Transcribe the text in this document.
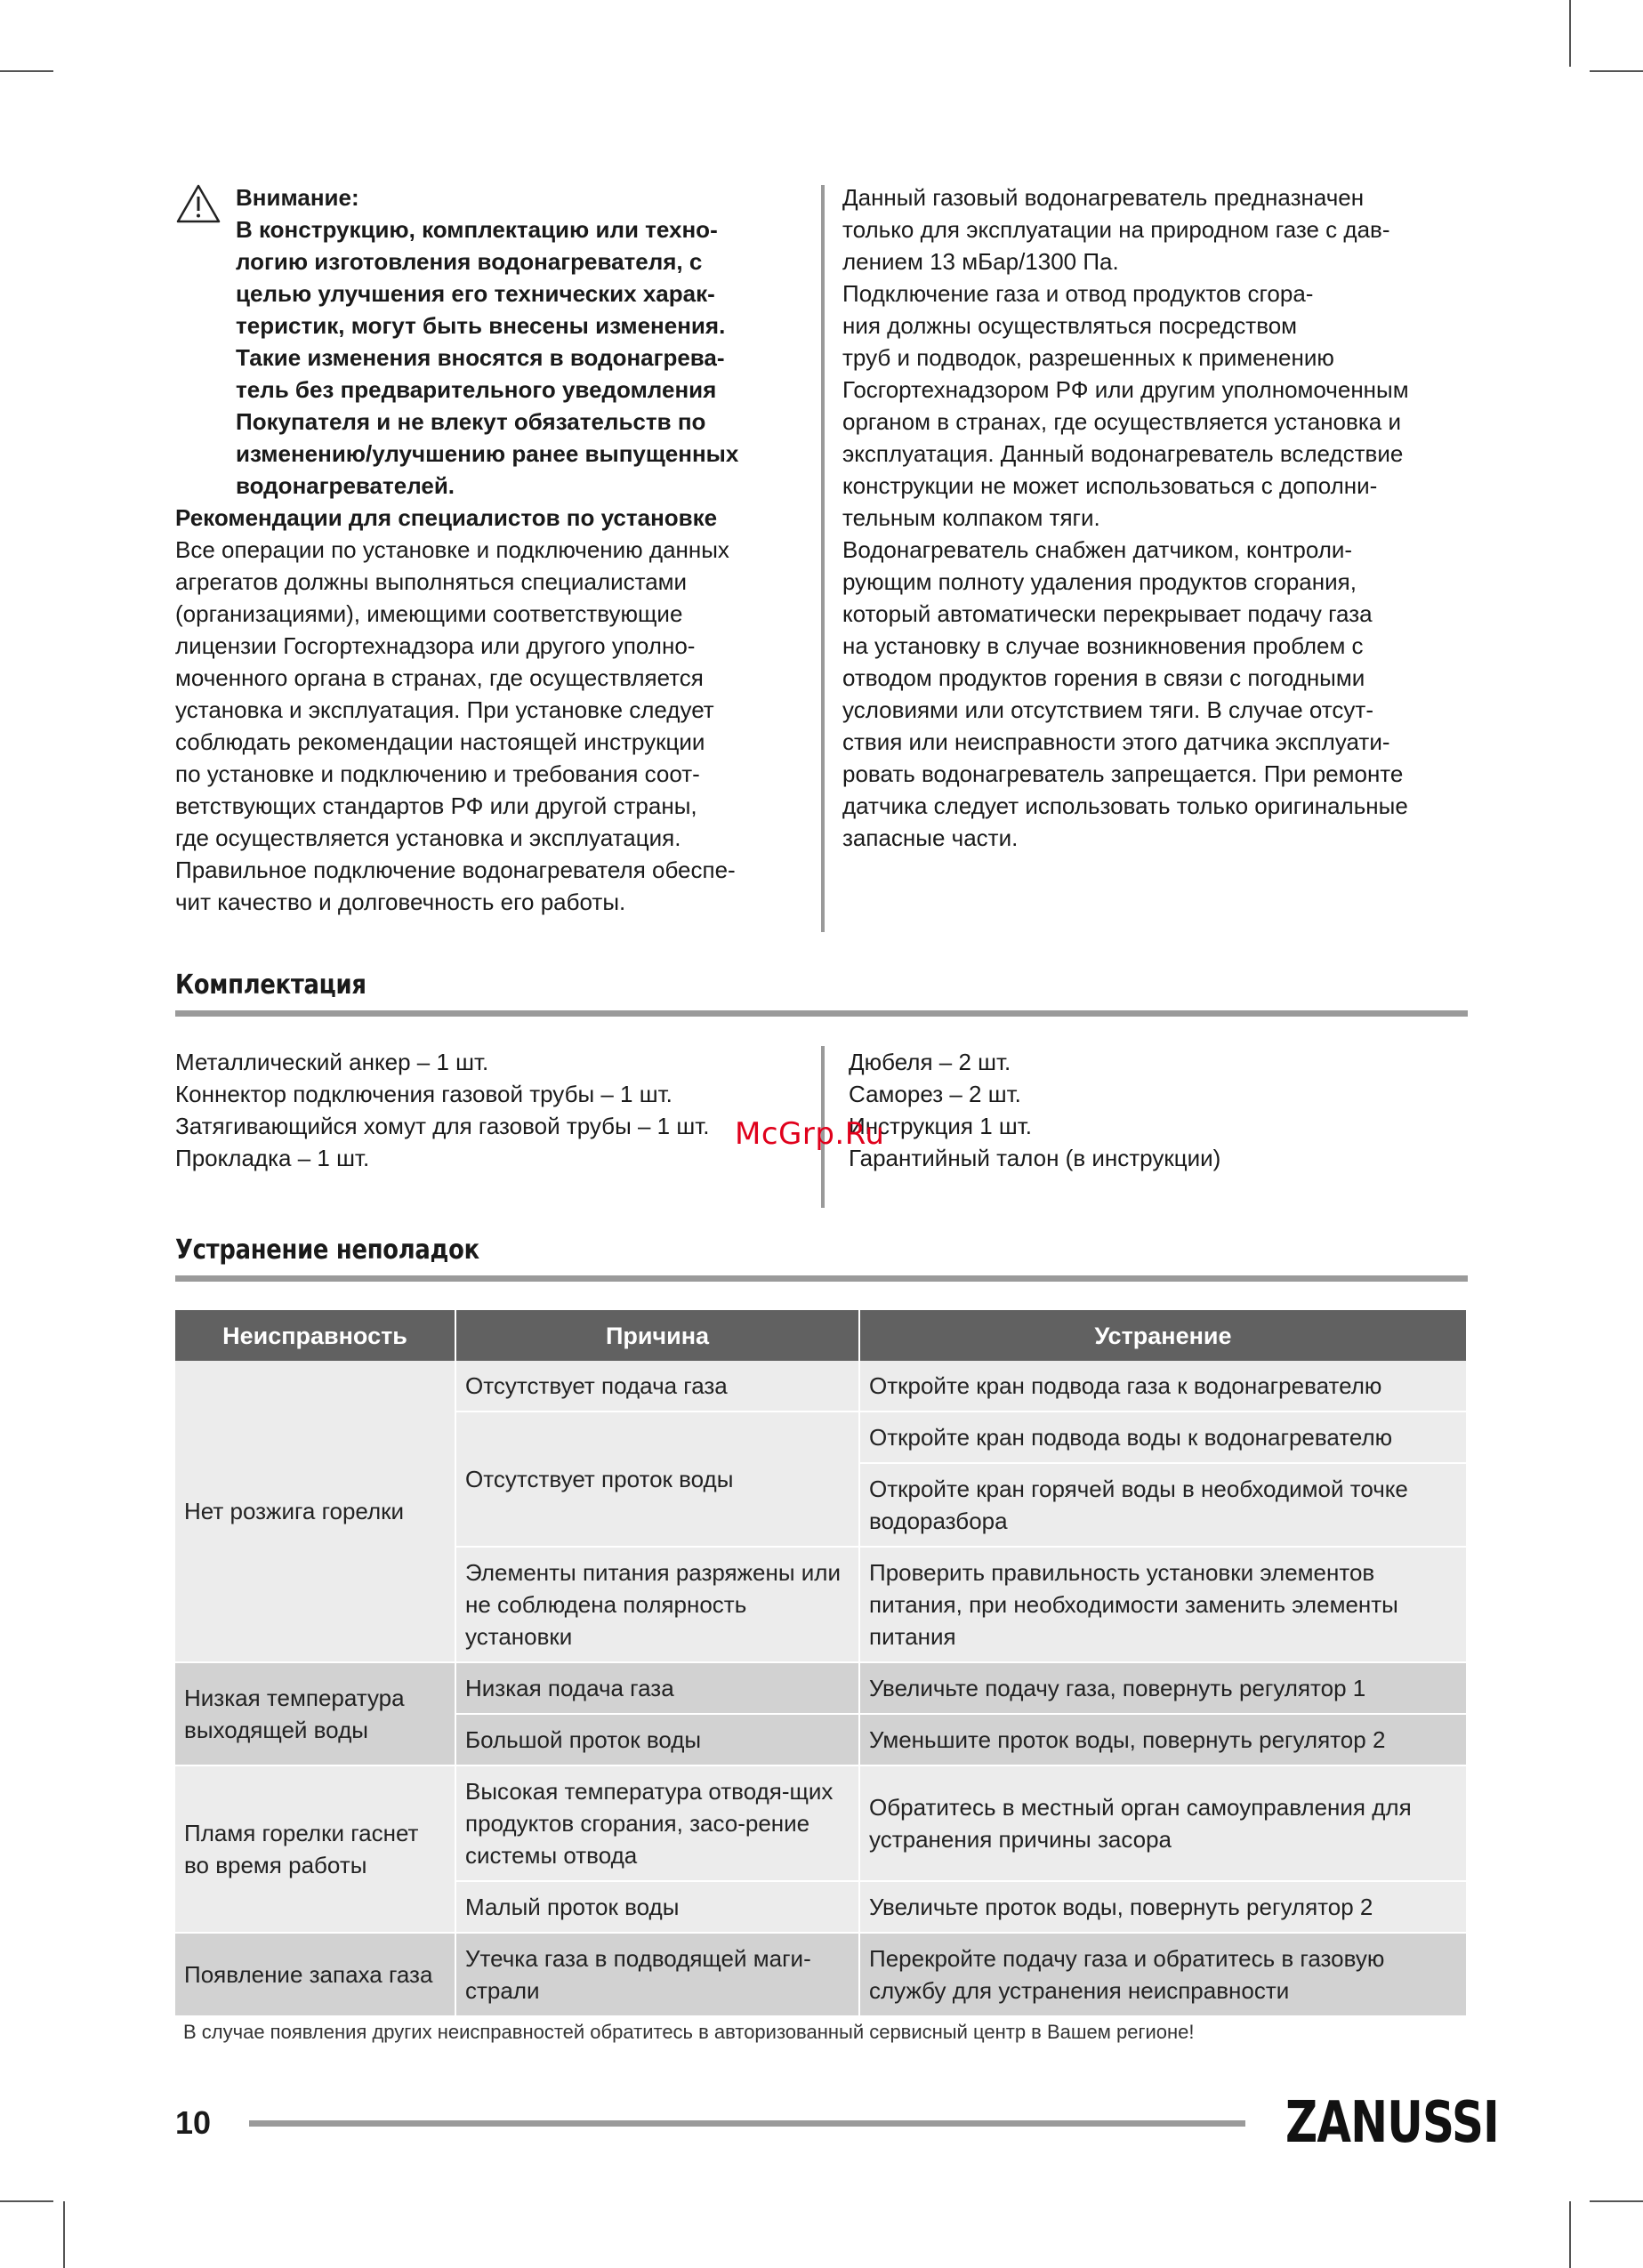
Внимание:

В конструкцию, комплектацию или техно-

логию изготовления водонагревателя, с

целью улучшения его технических харак-

теристик, могут быть внесены изменения.

Такие изменения вносятся в водонагрева-

тель без предварительного уведомления

Покупателя и не влекут обязательств по

изменению/улучшению ранее выпущенных

водонагревателей.

Рекомендации для специалистов по установке

Все операции по установке и подключению данных

агрегатов должны выполняться специалистами

(организациями), имеющими соответствующие

лицензии Госгортехнадзора или другого уполно-

моченного органа в странах, где осуществляется

установка и эксплуатация. При установке следует

соблюдать рекомендации настоящей инструкции

по установке и подключению и требования соот-

ветствующих стандартов РФ или другой страны,

где осуществляется установка и эксплуатация.

Правильное подключение водонагревателя обеспе-

чит качество и долговечность его работы.

Данный газовый водонагреватель предназначен

только для эксплуатации на природном газе с дав-

лением 13 мБар/1300 Па.

Подключение газа и отвод продуктов сгора-

ния должны осуществляться посредством

труб и подводок, разрешенных к применению

Госгортехнадзором РФ или другим уполномоченным

органом в странах, где осуществляется установка и

эксплуатация. Данный водонагреватель вследствие

конструкции не может использоваться с дополни-

тельным колпаком тяги.

Водонагреватель снабжен датчиком, контроли-

рующим полноту удаления продуктов сгорания,

который автоматически перекрывает подачу газа

на установку в случае возникновения проблем с

отводом продуктов горения в связи с погодными

условиями или отсутствием тяги. В случае отсут-

ствия или неисправности этого датчика эксплуати-

ровать водонагреватель запрещается. При ремонте

датчика следует использовать только оригинальные

запасные части.

Комплектация
Металлический анкер – 1 шт.
Коннектор подключения газовой трубы – 1 шт.
Затягивающийся хомут для газовой трубы – 1 шт.
Прокладка – 1 шт.
Дюбеля – 2 шт.
Саморез – 2 шт.
Инструкция 1 шт.
Гарантийный талон (в инструкции)
McGrp.Ru
Устранение неполадок
Неисправность	Причина	Устранение
Нет розжига горелки	Отсутствует подача газа	Откройте кран подвода газа к водонагревателю
	Отсутствует проток воды	Откройте кран подвода воды к водонагревателю
		Откройте кран горячей воды в необходимой точке водоразбора
	Элементы питания разряжены или не соблюдена полярность установки	Проверить правильность установки элементов питания, при необходимости заменить элементы питания
Низкая температура выходящей воды	Низкая подача газа	Увеличьте подачу газа, повернуть регулятор 1
	Большой проток воды	Уменьшите проток воды, повернуть регулятор 2
Пламя горелки гаснет во время работы	Высокая температура отводя-щих продуктов сгорания, засо-рение системы отвода	Обратитесь в местный орган самоуправления для устранения причины засора
	Малый проток воды	Увеличьте проток воды, повернуть регулятор 2
Появление запаха газа	Утечка газа в подводящей маги-страли	Перекройте подачу газа и обратитесь в газовую службу для устранения неисправности
В случае появления других неисправностей обратитесь в авторизованный сервисный центр в Вашем регионе!
10	ZANUSSI
